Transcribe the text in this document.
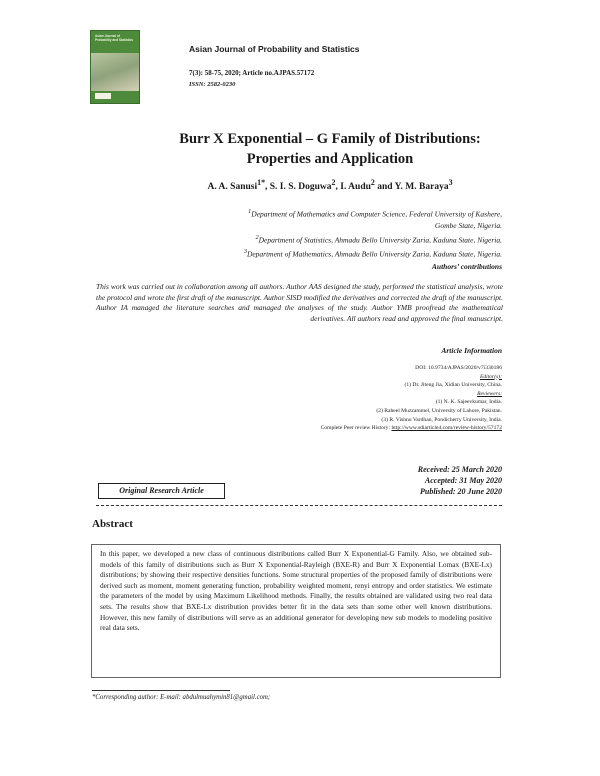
Asian Journal of Probability and Statistics
Asian Journal of Probability and Statistics
7(3): 58-75, 2020; Article no.AJPAS.57172
ISSN: 2582-0230
Burr X Exponential – G Family of Distributions:
Properties and Application
A. A. Sanusi$^{1*}$, S. I. S. Doguwa$^2$, I. Audu$^2$ and Y. M. Baraya$^3$
$^1$Department of Mathematics and Computer Science, Federal University of Kashere,
Gombe State, Nigeria.
$^2$Department of Statistics, Ahmadu Bello University Zaria, Kaduna State, Nigeria.
$^3$Department of Mathematics, Ahmadu Bello University Zaria, Kaduna State, Nigeria.
Authors’ contributions
This work was carried out in collaboration among all authors. Author AAS designed the study, performed the statistical analysis, wrote the protocol and wrote the first draft of the manuscript. Author SISD modified the derivatives and corrected the draft of the manuscript. Author IA managed the literature searches and managed the analyses of the study. Author YMB proofread the mathematical derivatives. All authors read and approved the final manuscript.
Article Information
DOI: 10.9734/AJPAS/2020/v7i330186
Editor(s):
(1) Dr. Jiteng Jia, Xidian University, China.
Reviewers:
(1) N. K. Sajeevkumar, India.
(2) Raheel Muzzammel, University of Lahore, Pakistan.
(3) R. Vishnu Vardhan, Pondicherry University, India.
Complete Peer review History: http://www.sdiarticle4.com/review-history/57172
Received: 25 March 2020
Accepted: 31 May 2020
Published: 20 June 2020
Original Research Article
Abstract

In this paper, we developed a new class of continuous distributions called Burr X Exponential-G Family. Also, we obtained sub-models of this family of distributions such as Burr X Exponential-Rayleigh (BXE-R) and Burr X Exponential Lomax (BXE-Lx) distributions; by showing their respective densities functions. Some structural properties of the proposed family of distributions were derived such as moment, moment generating function, probability weighted moment, renyi entropy and order statistics. We estimate the parameters of the model by using Maximum Likelihood methods. Finally, the results obtained are validated using two real data sets. The results show that BXE-Lx distribution provides better fit in the data sets than some other well known distributions. However, this new family of distributions will serve as an additional generator for developing new sub models to modeling positive real data sets.

*Corresponding author: E-mail: abdulmuahymin81@gmail.com;
